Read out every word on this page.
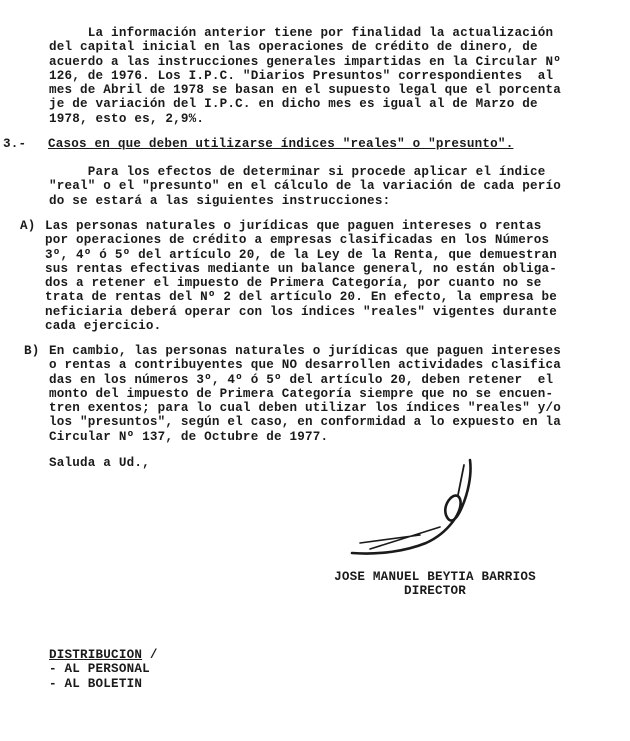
La información anterior tiene por finalidad la actualización
del capital inicial en las operaciones de crédito de dinero, de
acuerdo a las instrucciones generales impartidas en la Circular Nº
126, de 1976. Los I.P.C. "Diarios Presuntos" correspondientes  al
mes de Abril de 1978 se basan en el supuesto legal que el porcenta
je de variación del I.P.C. en dicho mes es igual al de Marzo de
1978, esto es, 2,9%.
3.- Casos en que deben utilizarse índices "reales" o "presunto".
Para los efectos de determinar si procede aplicar el índice
"real" o el "presunto" en el cálculo de la variación de cada perío
do se estará a las siguientes instrucciones:
A) Las personas naturales o jurídicas que paguen intereses o rentas
por operaciones de crédito a empresas clasificadas en los Números
3º, 4º ó 5º del artículo 20, de la Ley de la Renta, que demuestran
sus rentas efectivas mediante un balance general, no están obliga-
dos a retener el impuesto de Primera Categoría, por cuanto no se
trata de rentas del Nº 2 del artículo 20. En efecto, la empresa be
neficiaria deberá operar con los índices "reales" vigentes durante
cada ejercicio.
B) En cambio, las personas naturales o jurídicas que paguen intereses
o rentas a contribuyentes que NO desarrollen actividades clasifica
das en los números 3º, 4º ó 5º del artículo 20, deben retener  el
monto del impuesto de Primera Categoría siempre que no se encuen-
tren exentos; para lo cual deben utilizar los índices "reales" y/o
los "presuntos", según el caso, en conformidad a lo expuesto en la
Circular Nº 137, de Octubre de 1977.
Saluda a Ud.,
JOSE MANUEL BEYTIA BARRIOS
DIRECTOR
DISTRIBUCION /
- AL PERSONAL
- AL BOLETIN
